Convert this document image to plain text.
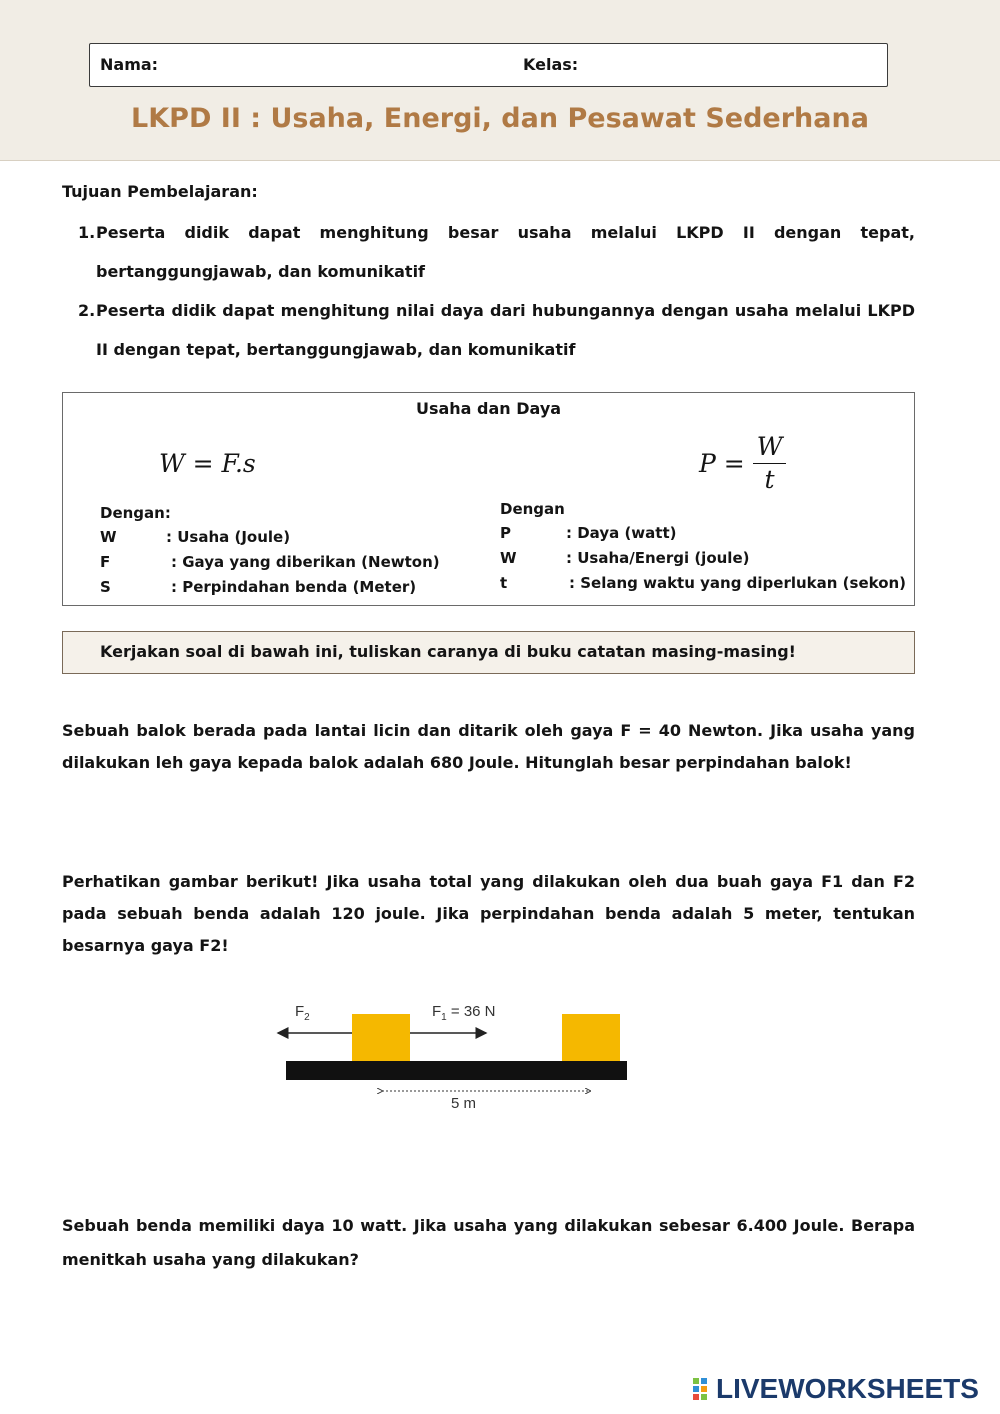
Nama:	Kelas:
LKPD II : Usaha, Energi, dan Pesawat Sederhana
Tujuan Pembelajaran:
1. Peserta didik dapat menghitung besar usaha melalui LKPD II dengan tepat, bertanggungjawab, dan komunikatif
2. Peserta didik dapat menghitung nilai daya dari hubungannya dengan usaha melalui LKPD II dengan tepat, bertanggungjawab, dan komunikatif
Usaha dan Daya
W = F.s	$P = \frac{W}{t}$
Dengan:
W	: Usaha (Joule)
F	: Gaya yang diberikan (Newton)
S	: Perpindahan benda (Meter)
Dengan
P	: Daya (watt)
W	: Usaha/Energi (joule)
t	: Selang waktu yang diperlukan (sekon)
Kerjakan soal di bawah ini, tuliskan caranya di buku catatan masing-masing!
Sebuah balok berada pada lantai licin dan ditarik oleh gaya F = 40 Newton. Jika usaha yang dilakukan leh gaya kepada balok adalah 680 Joule. Hitunglah besar perpindahan balok!
Perhatikan gambar berikut! Jika usaha total yang dilakukan oleh dua buah gaya F1 dan F2 pada sebuah benda adalah 120 joule. Jika perpindahan benda adalah 5 meter, tentukan besarnya gaya F2!
$F_2$	$F_1 = 36$ N
5 m
Sebuah benda memiliki daya 10 watt. Jika usaha yang dilakukan sebesar 6.400 Joule. Berapa menitkah usaha yang dilakukan?
LIVEWORKSHEETS
